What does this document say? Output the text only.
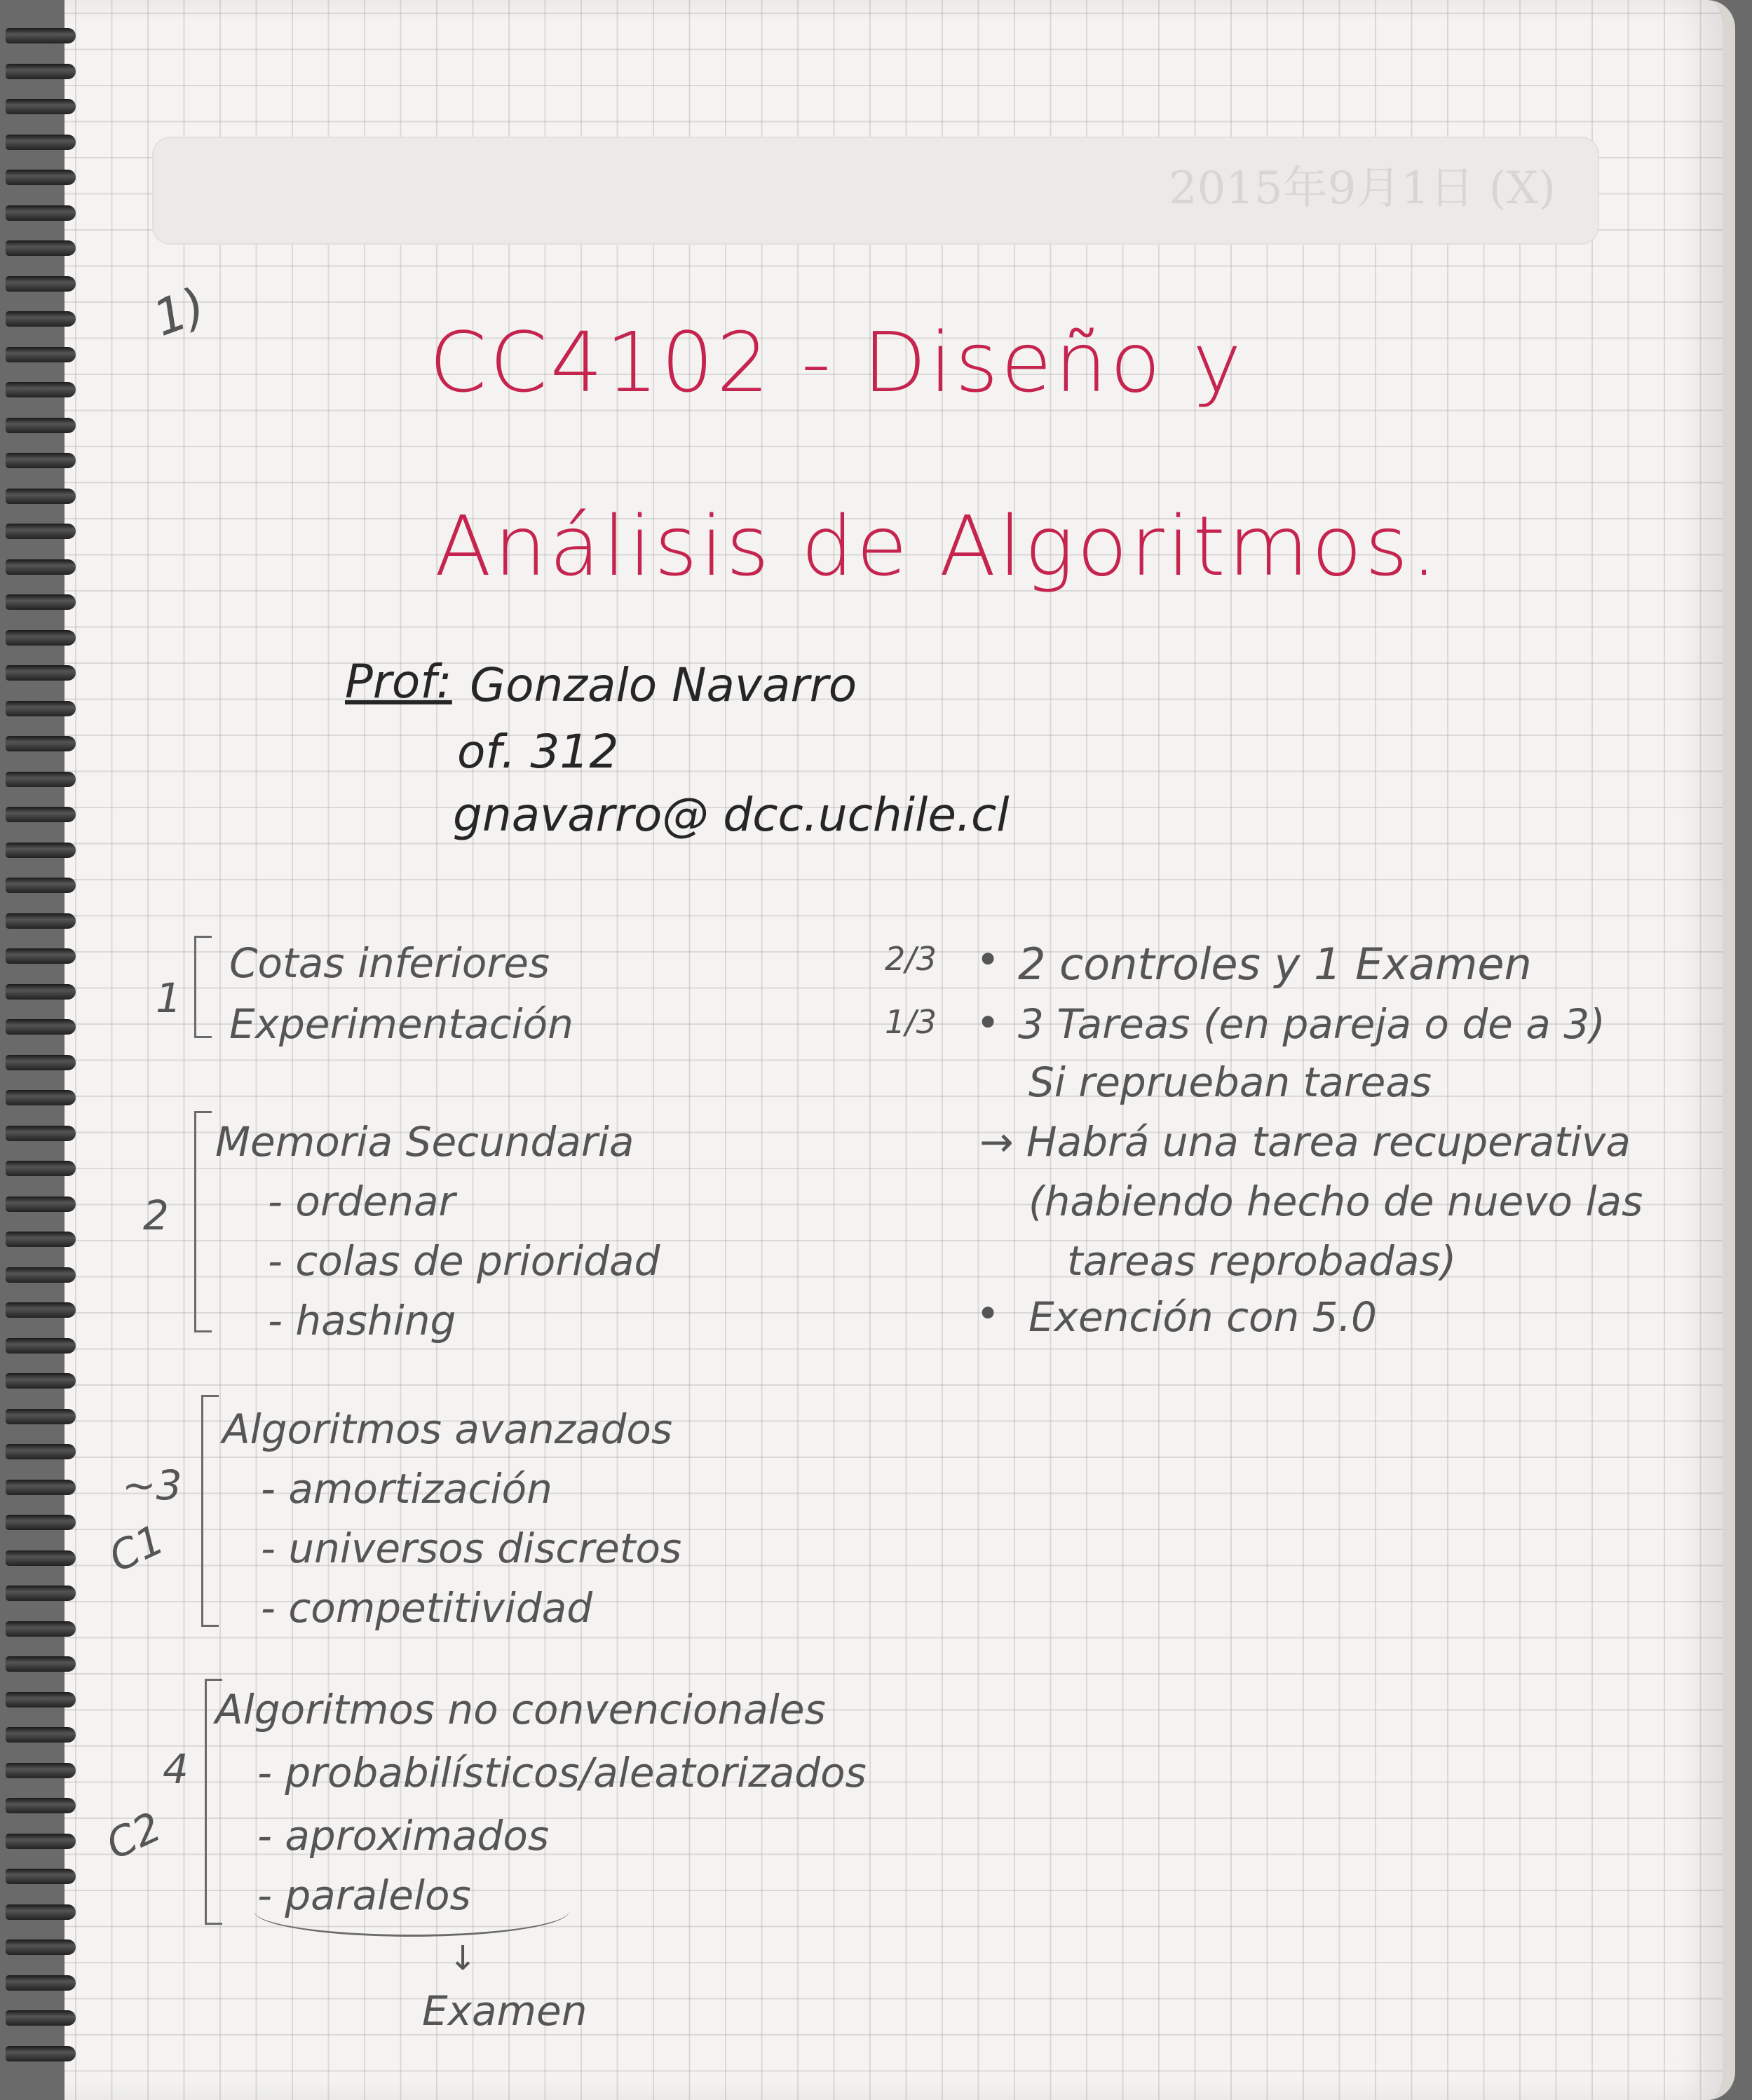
2015年9月1日 (X)

1)
CC4102 - Diseño y
Análisis de Algoritmos.
Prof: Gonzalo Navarro
of. 312
gnavarro@ dcc.uchile.cl
1
Cotas inferiores
Experimentación
2
Memoria Secundaria
- ordenar
- colas de prioridad
- hashing
~3
C1
Algoritmos avanzados
- amortización
- universos discretos
- competitividad
4
C2
Algoritmos no convencionales
- probabilísticos/aleatorizados
- aproximados
- paralelos
↓
Examen
2/3
1/3
•
•
•
2 controles y 1 Examen
3 Tareas (en pareja o de a 3)
Si reprueban tareas
→ Habrá una tarea recuperativa
(habiendo hecho de nuevo las
tareas reprobadas)
Exención con 5.0
